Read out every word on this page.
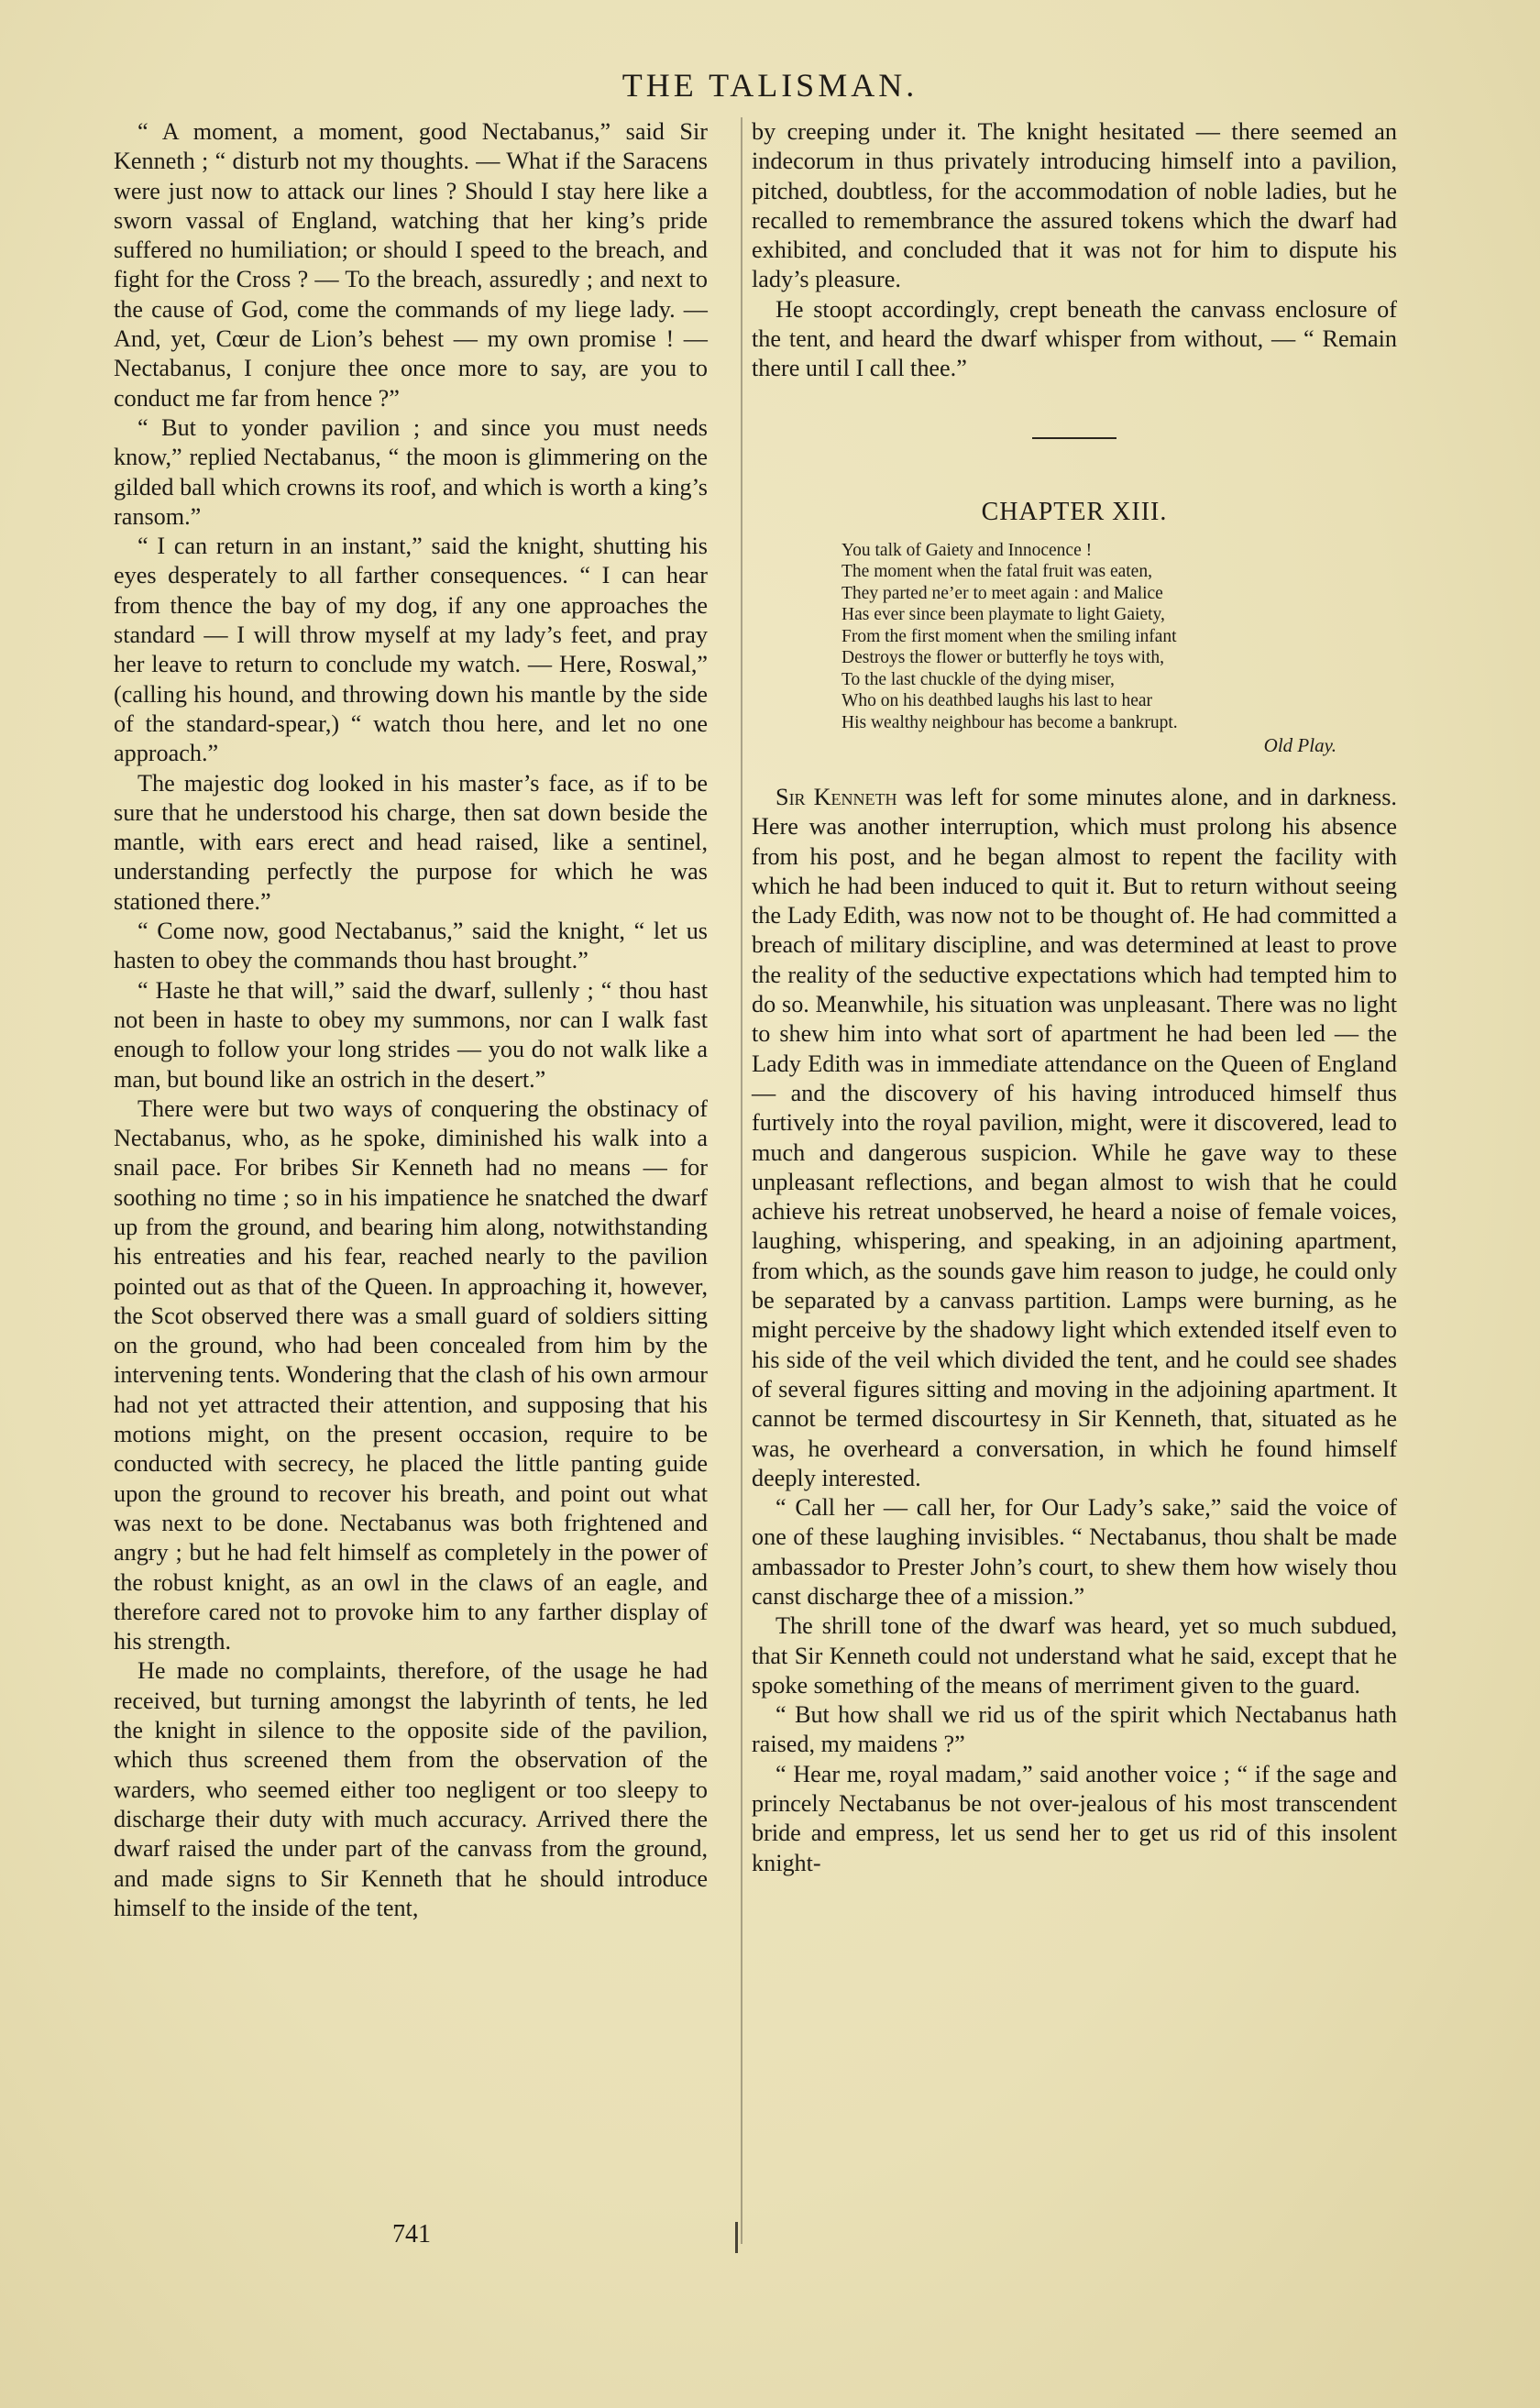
THE TALISMAN.

“ A moment, a moment, good Nectabanus,” said Sir Kenneth ; “ disturb not my thoughts. — What if the Saracens were just now to attack our lines ? Should I stay here like a sworn vassal of England, watching that her king’s pride suffered no humiliation; or should I speed to the breach, and fight for the Cross ? — To the breach, assuredly ; and next to the cause of God, come the commands of my liege lady. — And, yet, Cœur de Lion’s behest — my own promise ! — Nectabanus, I conjure thee once more to say, are you to conduct me far from hence ?”

“ But to yonder pavilion ; and since you must needs know,” replied Nectabanus, “ the moon is glimmering on the gilded ball which crowns its roof, and which is worth a king’s ransom.”

“ I can return in an instant,” said the knight, shutting his eyes desperately to all farther consequences. “ I can hear from thence the bay of my dog, if any one approaches the standard — I will throw myself at my lady’s feet, and pray her leave to return to conclude my watch. — Here, Roswal,” (calling his hound, and throwing down his mantle by the side of the standard-spear,) “ watch thou here, and let no one approach.”

The majestic dog looked in his master’s face, as if to be sure that he understood his charge, then sat down beside the mantle, with ears erect and head raised, like a sentinel, understanding perfectly the purpose for which he was stationed there.”

“ Come now, good Nectabanus,” said the knight, “ let us hasten to obey the commands thou hast brought.”

“ Haste he that will,” said the dwarf, sullenly ; “ thou hast not been in haste to obey my summons, nor can I walk fast enough to follow your long strides — you do not walk like a man, but bound like an ostrich in the desert.”

There were but two ways of conquering the obstinacy of Nectabanus, who, as he spoke, diminished his walk into a snail pace. For bribes Sir Kenneth had no means — for soothing no time ; so in his impatience he snatched the dwarf up from the ground, and bearing him along, notwithstanding his entreaties and his fear, reached nearly to the pavilion pointed out as that of the Queen. In approaching it, however, the Scot observed there was a small guard of soldiers sitting on the ground, who had been concealed from him by the intervening tents. Wondering that the clash of his own armour had not yet attracted their attention, and supposing that his motions might, on the present occasion, require to be conducted with secrecy, he placed the little panting guide upon the ground to recover his breath, and point out what was next to be done. Nectabanus was both frightened and angry ; but he had felt himself as completely in the power of the robust knight, as an owl in the claws of an eagle, and therefore cared not to provoke him to any farther display of his strength.

He made no complaints, therefore, of the usage he had received, but turning amongst the labyrinth of tents, he led the knight in silence to the opposite side of the pavilion, which thus screened them from the observation of the warders, who seemed either too negligent or too sleepy to discharge their duty with much accuracy. Arrived there the dwarf raised the under part of the canvass from the ground, and made signs to Sir Kenneth that he should introduce himself to the inside of the tent,

by creeping under it. The knight hesitated — there seemed an indecorum in thus privately introducing himself into a pavilion, pitched, doubtless, for the accommodation of noble ladies, but he recalled to remembrance the assured tokens which the dwarf had exhibited, and concluded that it was not for him to dispute his lady’s pleasure.

He stoopt accordingly, crept beneath the canvass enclosure of the tent, and heard the dwarf whisper from without, — “ Remain there until I call thee.”

CHAPTER XIII.
You talk of Gaiety and Innocence !
The moment when the fatal fruit was eaten,
They parted ne’er to meet again : and Malice
Has ever since been playmate to light Gaiety,
From the first moment when the smiling infant
Destroys the flower or butterfly he toys with,
To the last chuckle of the dying miser,
Who on his deathbed laughs his last to hear
His wealthy neighbour has become a bankrupt.
Old Play.

Sir Kenneth was left for some minutes alone, and in darkness. Here was another interruption, which must prolong his absence from his post, and he began almost to repent the facility with which he had been induced to quit it. But to return without seeing the Lady Edith, was now not to be thought of. He had committed a breach of military discipline, and was determined at least to prove the reality of the seductive expectations which had tempted him to do so. Meanwhile, his situation was unpleasant. There was no light to shew him into what sort of apartment he had been led — the Lady Edith was in immediate attendance on the Queen of England — and the discovery of his having introduced himself thus furtively into the royal pavilion, might, were it discovered, lead to much and dangerous suspicion. While he gave way to these unpleasant reflections, and began almost to wish that he could achieve his retreat unobserved, he heard a noise of female voices, laughing, whispering, and speaking, in an adjoining apartment, from which, as the sounds gave him reason to judge, he could only be separated by a canvass partition. Lamps were burning, as he might perceive by the shadowy light which extended itself even to his side of the veil which divided the tent, and he could see shades of several figures sitting and moving in the adjoining apartment. It cannot be termed discourtesy in Sir Kenneth, that, situated as he was, he overheard a conversation, in which he found himself deeply interested.

“ Call her — call her, for Our Lady’s sake,” said the voice of one of these laughing invisibles. “ Nectabanus, thou shalt be made ambassador to Prester John’s court, to shew them how wisely thou canst discharge thee of a mission.”

The shrill tone of the dwarf was heard, yet so much subdued, that Sir Kenneth could not understand what he said, except that he spoke something of the means of merriment given to the guard.

“ But how shall we rid us of the spirit which Nectabanus hath raised, my maidens ?”

“ Hear me, royal madam,” said another voice ; “ if the sage and princely Nectabanus be not over-jealous of his most transcendent bride and empress, let us send her to get us rid of this insolent knight-

741
